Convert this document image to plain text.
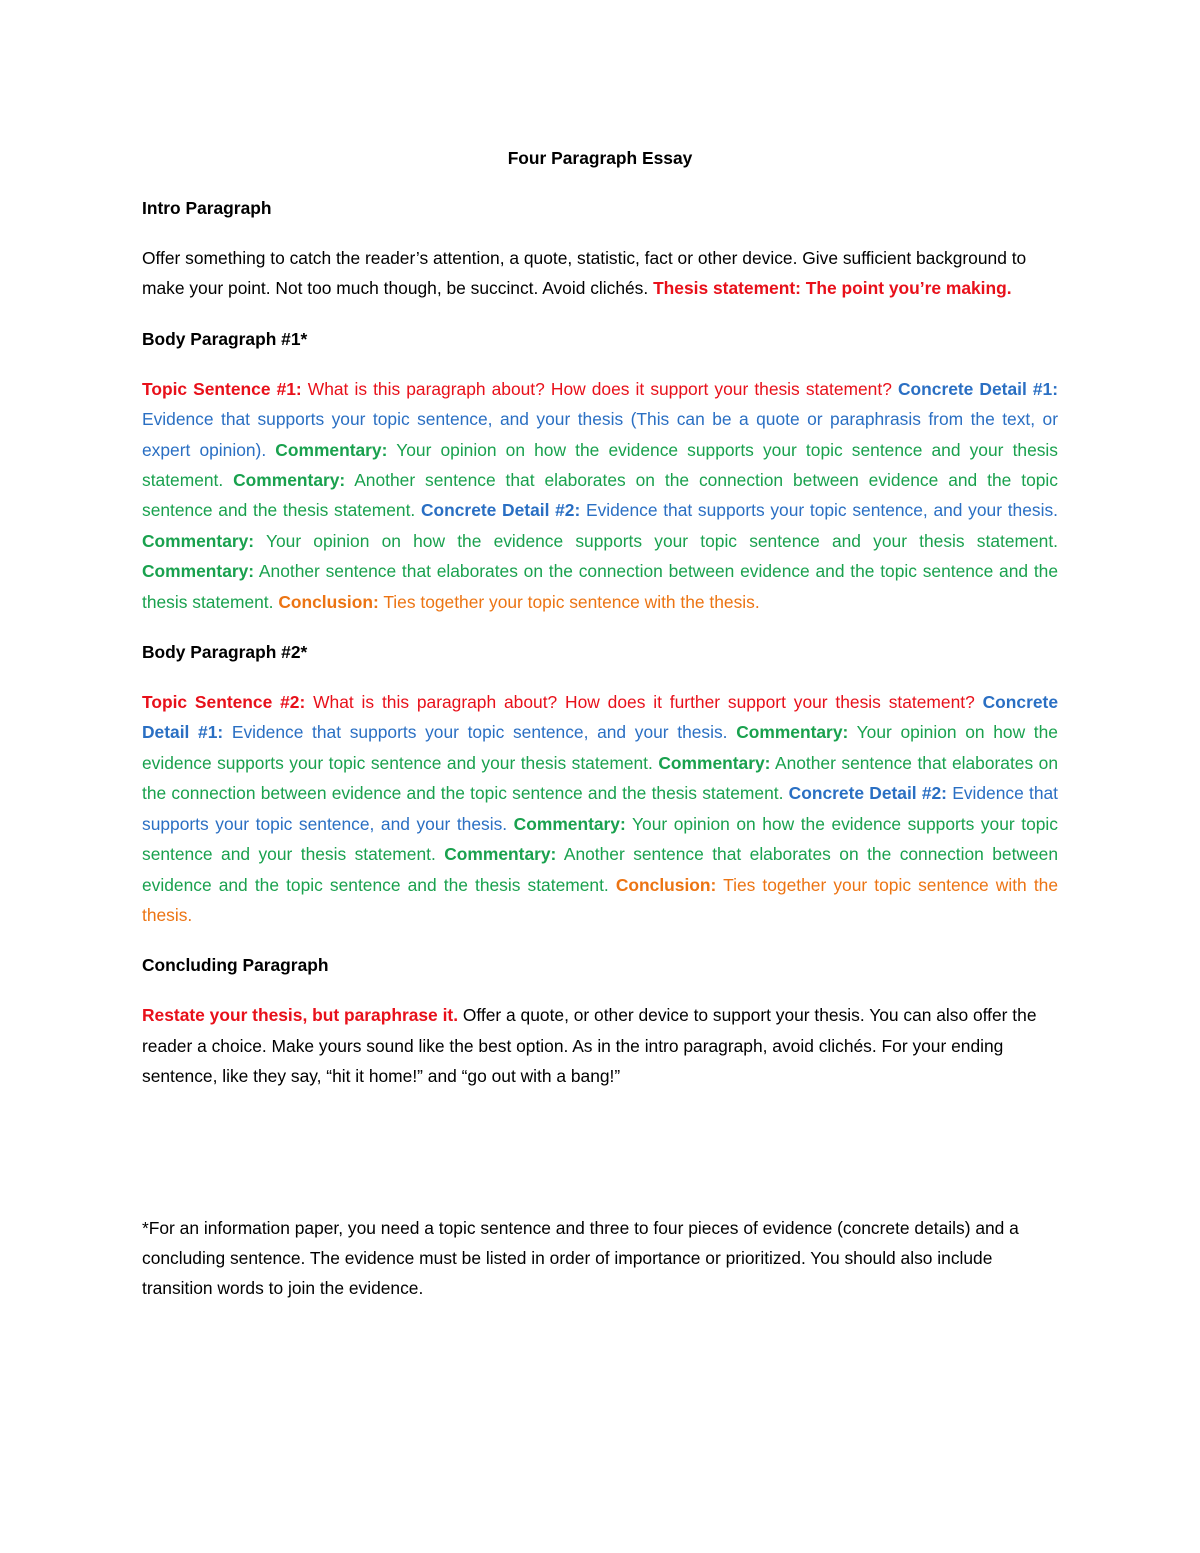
Four Paragraph Essay
Intro Paragraph

Offer something to catch the reader’s attention, a quote, statistic, fact or other device. Give sufficient background to make your point. Not too much though, be succinct. Avoid clichés. Thesis statement: The point you’re making.

Body Paragraph #1*

Topic Sentence #1: What is this paragraph about? How does it support your thesis statement? Concrete Detail #1: Evidence that supports your topic sentence, and your thesis (This can be a quote or paraphrasis from the text, or expert opinion). Commentary: Your opinion on how the evidence supports your topic sentence and your thesis statement. Commentary: Another sentence that elaborates on the connection between evidence and the topic sentence and the thesis statement. Concrete Detail #2: Evidence that supports your topic sentence, and your thesis. Commentary: Your opinion on how the evidence supports your topic sentence and your thesis statement. Commentary: Another sentence that elaborates on the connection between evidence and the topic sentence and the thesis statement. Conclusion: Ties together your topic sentence with the thesis.

Body Paragraph #2*

Topic Sentence #2: What is this paragraph about? How does it further support your thesis statement? Concrete Detail #1: Evidence that supports your topic sentence, and your thesis. Commentary: Your opinion on how the evidence supports your topic sentence and your thesis statement. Commentary: Another sentence that elaborates on the connection between evidence and the topic sentence and the thesis statement. Concrete Detail #2: Evidence that supports your topic sentence, and your thesis. Commentary: Your opinion on how the evidence supports your topic sentence and your thesis statement. Commentary: Another sentence that elaborates on the connection between evidence and the topic sentence and the thesis statement. Conclusion: Ties together your topic sentence with the thesis.

Concluding Paragraph

Restate your thesis, but paraphrase it. Offer a quote, or other device to support your thesis. You can also offer the reader a choice. Make yours sound like the best option. As in the intro paragraph, avoid clichés. For your ending sentence, like they say, “hit it home!” and “go out with a bang!”

*For an information paper, you need a topic sentence and three to four pieces of evidence (concrete details) and a concluding sentence. The evidence must be listed in order of importance or prioritized. You should also include transition words to join the evidence.
